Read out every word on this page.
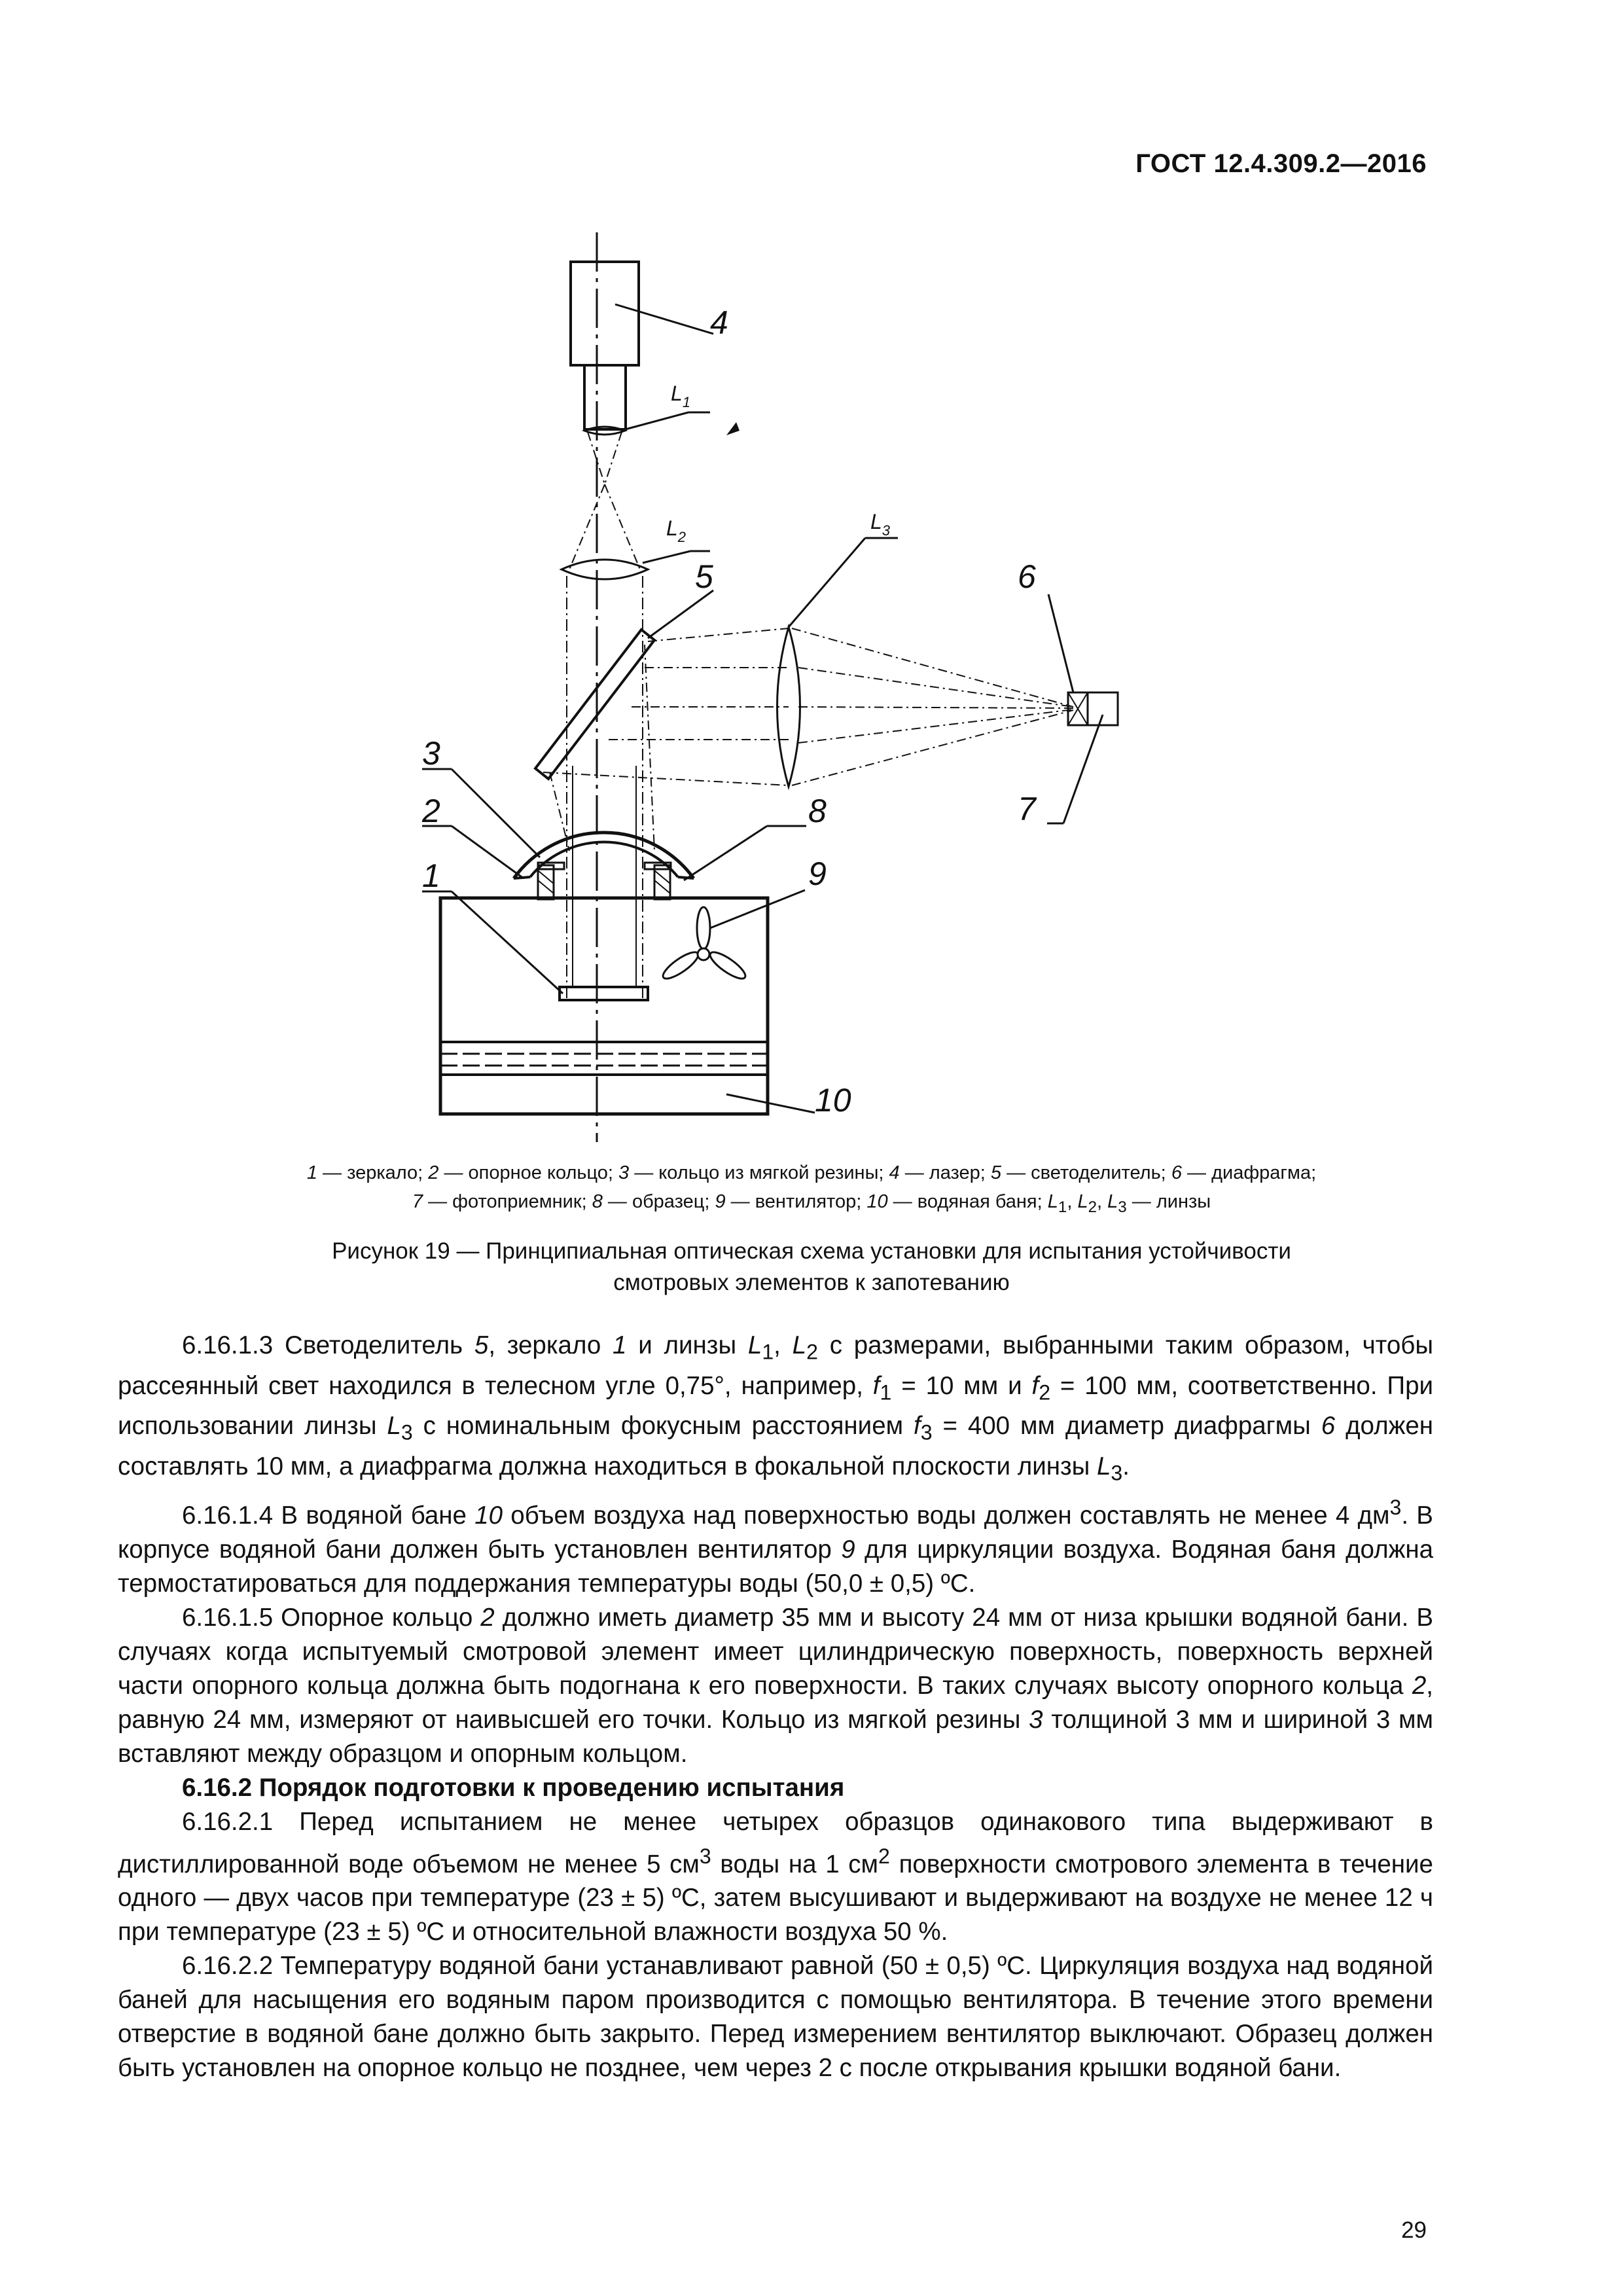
ГОСТ 12.4.309.2—2016
4
$L_1$
$L_2$
$L_3$
5	6
7
3
2	8
1	9
10
1 — зеркало; 2 — опорное кольцо; 3 — кольцо из мягкой резины; 4 — лазер; 5 — светоделитель; 6 — диафрагма;
7 — фотоприемник; 8 — образец; 9 — вентилятор; 10 — водяная баня; $L_1$, $L_2$, $L_3$ — линзы
Рисунок 19 — Принципиальная оптическая схема установки для испытания устойчивости
смотровых элементов к запотеванию

6.16.1.3 Светоделитель 5, зеркало 1 и линзы $L_1$, $L_2$ с размерами, выбранными таким образом, чтобы рассеянный свет находился в телесном угле 0,75°, например, $f_1 = 10$ мм и $f_2 = 100$ мм, соответственно. При использовании линзы $L_3$ с номинальным фокусным расстоянием $f_3 = 400$ мм диаметр диафрагмы 6 должен составлять 10 мм, а диафрагма должна находиться в фокальной плоскости линзы $L_3$.

6.16.1.4 В водяной бане 10 объем воздуха над поверхностью воды должен составлять не менее 4 $дм^3$. В корпусе водяной бани должен быть установлен вентилятор 9 для циркуляции воздуха. Водяная баня должна термостатироваться для поддержания температуры воды (50,0 ± 0,5) ºС.

6.16.1.5 Опорное кольцо 2 должно иметь диаметр 35 мм и высоту 24 мм от низа крышки водяной бани. В случаях когда испытуемый смотровой элемент имеет цилиндрическую поверхность, поверхность верхней части опорного кольца должна быть подогнана к его поверхности. В таких случаях высоту опорного кольца 2, равную 24 мм, измеряют от наивысшей его точки. Кольцо из мягкой резины 3 толщиной 3 мм и шириной 3 мм вставляют между образцом и опорным кольцом.

6.16.2 Порядок подготовки к проведению испытания

6.16.2.1 Перед испытанием не менее четырех образцов одинакового типа выдерживают в дистиллированной воде объемом не менее 5 $см^3$ воды на 1 $см^2$ поверхности смотрового элемента в течение одного — двух часов при температуре (23 ± 5) ºС, затем высушивают и выдерживают на воздухе не менее 12 ч при температуре (23 ± 5) ºС и относительной влажности воздуха 50 %.

6.16.2.2 Температуру водяной бани устанавливают равной (50 ± 0,5) ºС. Циркуляция воздуха над водяной баней для насыщения его водяным паром производится с помощью вентилятора. В течение этого времени отверстие в водяной бане должно быть закрыто. Перед измерением вентилятор выключают. Образец должен быть установлен на опорное кольцо не позднее, чем через 2 с после открывания крышки водяной бани.

29
